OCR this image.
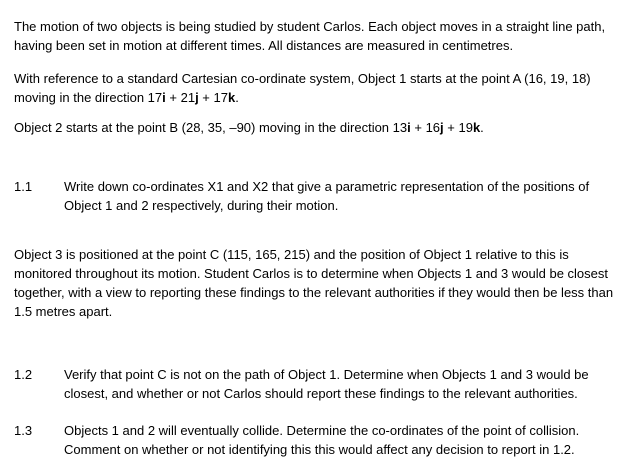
The motion of two objects is being studied by student Carlos. Each object moves in a straight line path, having been set in motion at different times. All distances are measured in centimetres.
With reference to a standard Cartesian co-ordinate system, Object 1 starts at the point A (16, 19, 18) moving in the direction 17i + 21j + 17k.
Object 2 starts at the point B (28, 35, –90) moving in the direction 13i + 16j + 19k.
1.1 Write down co-ordinates X1 and X2 that give a parametric representation of the positions of Object 1 and 2 respectively, during their motion.
Object 3 is positioned at the point C (115, 165, 215) and the position of Object 1 relative to this is monitored throughout its motion. Student Carlos is to determine when Objects 1 and 3 would be closest together, with a view to reporting these findings to the relevant authorities if they would then be less than 1.5 metres apart.
1.2 Verify that point C is not on the path of Object 1. Determine when Objects 1 and 3 would be closest, and whether or not Carlos should report these findings to the relevant authorities.
1.3 Objects 1 and 2 will eventually collide. Determine the co-ordinates of the point of collision. Comment on whether or not identifying this this would affect any decision to report in 1.2.
